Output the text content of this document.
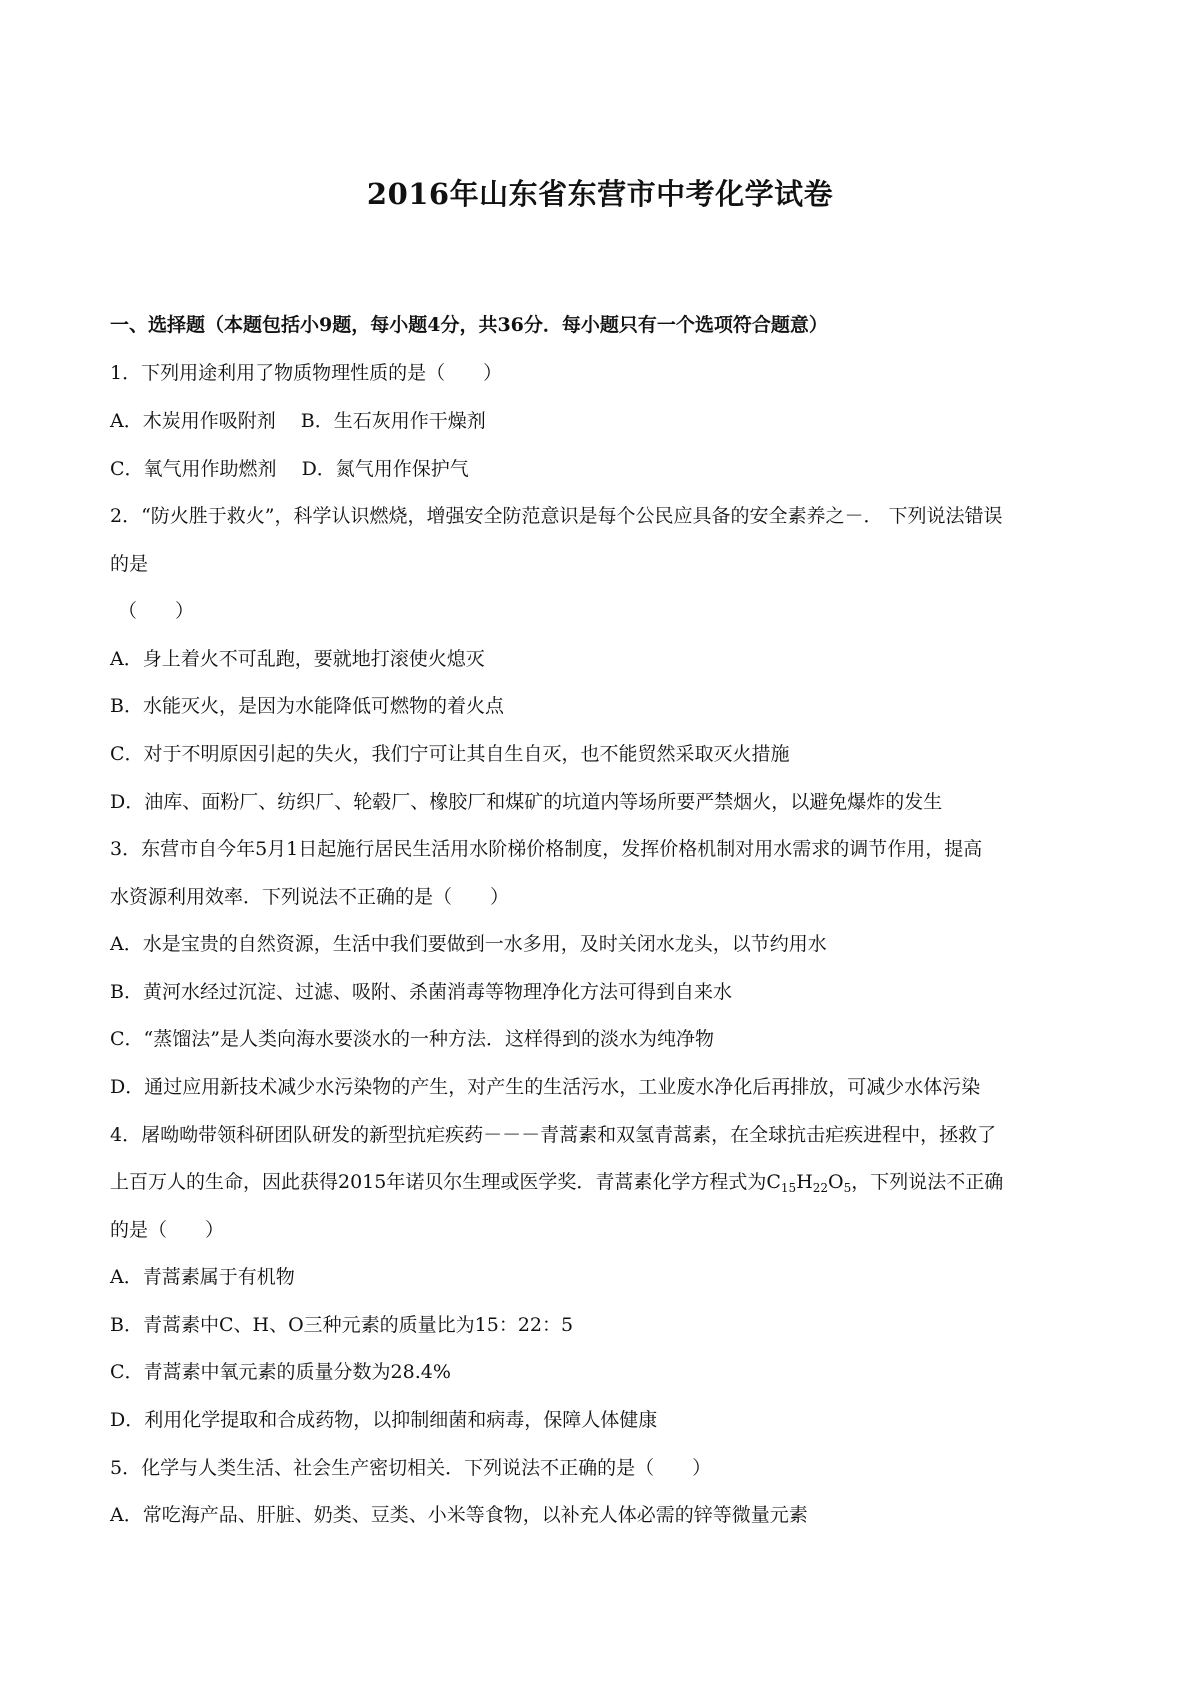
2016年山东省东营市中考化学试卷
一、选择题（本题包括小9题，每小题4分，共36分．每小题只有一个选项符合题意）
1．下列用途利用了物质物理性质的是（　　）
A．木炭用作吸附剂　 B．生石灰用作干燥剂
C．氧气用作助燃剂　 D．氮气用作保护气
2．“防火胜于救火”，科学认识燃烧，增强安全防范意识是每个公民应具备的安全素养之－． 下列说法错误
的是
（　　）
A．身上着火不可乱跑，要就地打滚使火熄灭
B．水能灭火，是因为水能降低可燃物的着火点
C．对于不明原因引起的失火，我们宁可让其自生自灭，也不能贸然采取灭火措施
D．油库、面粉厂、纺织厂、轮毂厂、橡胶厂和煤矿的坑道内等场所要严禁烟火，以避免爆炸的发生
3．东营市自今年5月1日起施行居民生活用水阶梯价格制度，发挥价格机制对用水需求的调节作用，提高
水资源利用效率．下列说法不正确的是（　　）
A．水是宝贵的自然资源，生活中我们要做到一水多用，及时关闭水龙头，以节约用水
B．黄河水经过沉淀、过滤、吸附、杀菌消毒等物理净化方法可得到自来水
C．“蒸馏法”是人类向海水要淡水的一种方法．这样得到的淡水为纯净物
D．通过应用新技术减少水污染物的产生，对产生的生活污水，工业废水净化后再排放，可减少水体污染
4．屠呦呦带领科研团队研发的新型抗疟疾药－－－青蒿素和双氢青蒿素，在全球抗击疟疾进程中，拯救了
上百万人的生命，因此获得2015年诺贝尔生理或医学奖．青蒿素化学方程式为$C_{15}H_{22}O_5$，下列说法不正确
的是（　　）
A．青蒿素属于有机物
B．青蒿素中C、H、O三种元素的质量比为15：22：5
C．青蒿素中氧元素的质量分数为28.4%
D．利用化学提取和合成药物，以抑制细菌和病毒，保障人体健康
5．化学与人类生活、社会生产密切相关．下列说法不正确的是（　　）
A．常吃海产品、肝脏、奶类、豆类、小米等食物，以补充人体必需的锌等微量元素
